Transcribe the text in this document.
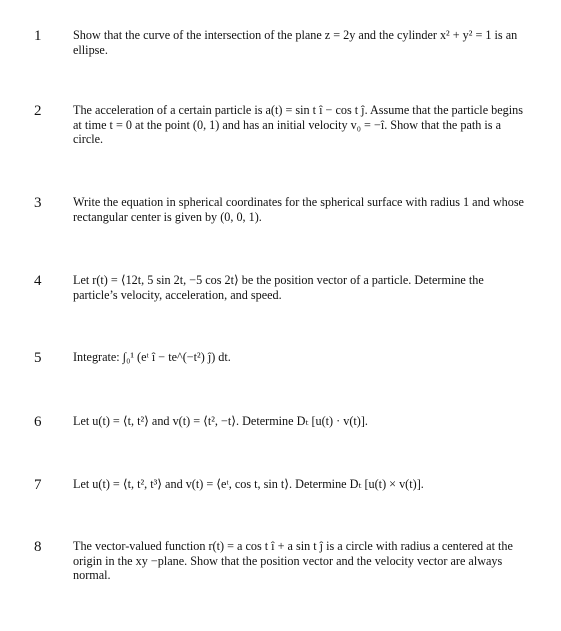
1	Show that the curve of the intersection of the plane z = 2y and the cylinder x² + y² = 1 is an ellipse.
2	The acceleration of a certain particle is a(t) = sin t î − cos t ĵ. Assume that the particle begins at time t = 0 at the point (0, 1) and has an initial velocity v₀ = −î. Show that the path is a circle.
3	Write the equation in spherical coordinates for the spherical surface with radius 1 and whose rectangular center is given by (0, 0, 1).
4	Let r(t) = ⟨12t, 5 sin 2t, −5 cos 2t⟩ be the position vector of a particle. Determine the particle’s velocity, acceleration, and speed.
5	Integrate: ∫₀¹ (eᵗ î − te^(−t²) ĵ) dt.
6	Let u(t) = ⟨t, t²⟩ and v(t) = ⟨t², −t⟩. Determine Dₜ [u(t) · v(t)].
7	Let u(t) = ⟨t, t², t³⟩ and v(t) = ⟨eᵗ, cos t, sin t⟩. Determine Dₜ [u(t) × v(t)].
8	The vector-valued function r(t) = a cos t î + a sin t ĵ is a circle with radius a centered at the origin in the xy −plane. Show that the position vector and the velocity vector are always normal.
